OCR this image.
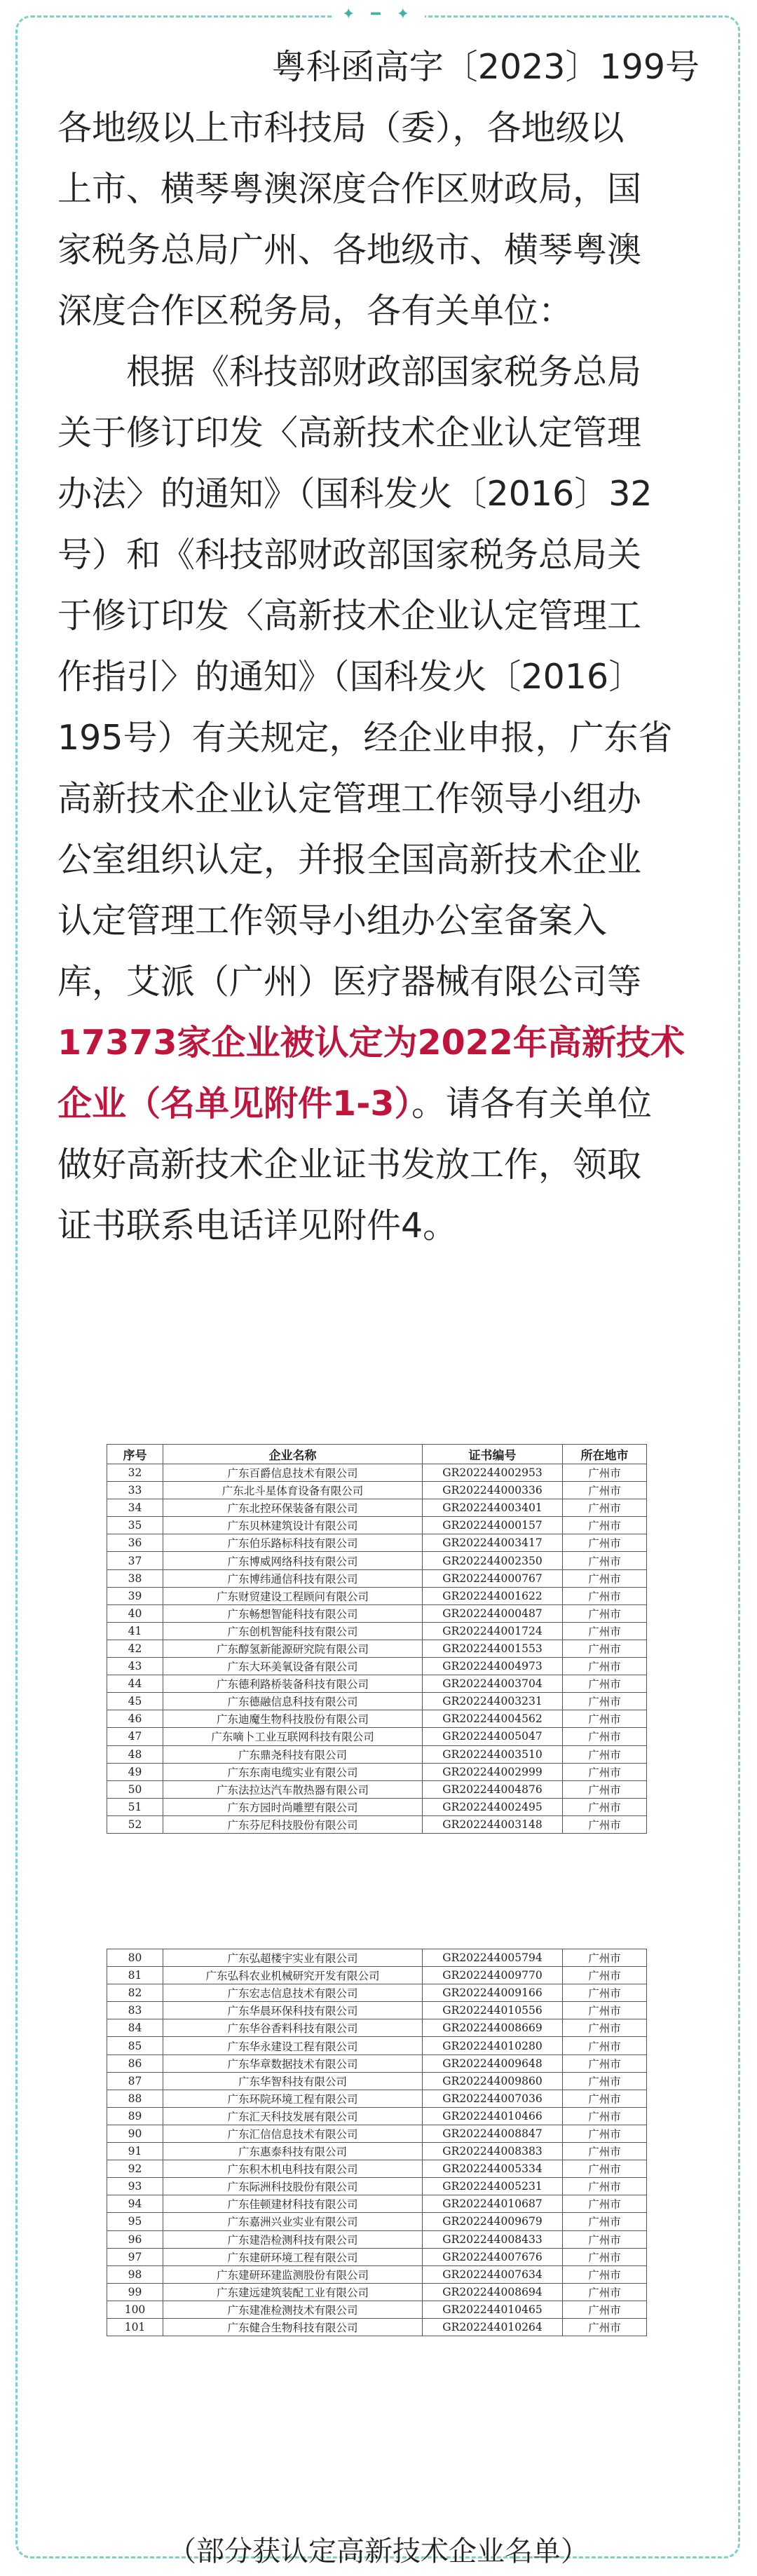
✦ ━ ✦
粤科函高字〔2023〕199号
各地级以上市科技局（委），各地级以
上市、横琴粤澳深度合作区财政局，国
家税务总局广州、各地级市、横琴粤澳
深度合作区税务局，各有关单位：
根据《科技部财政部国家税务总局
关于修订印发〈高新技术企业认定管理
办法〉的通知》（国科发火〔2016〕32
号）和《科技部财政部国家税务总局关
于修订印发〈高新技术企业认定管理工
作指引〉的通知》（国科发火〔2016〕
195号）有关规定，经企业申报，广东省
高新技术企业认定管理工作领导小组办
公室组织认定，并报全国高新技术企业
认定管理工作领导小组办公室备案入
库，艾派（广州）医疗器械有限公司等
17373家企业被认定为2022年高新技术
企业（名单见附件1-3）。请各有关单位
做好高新技术企业证书发放工作，领取
证书联系电话详见附件4。
序号	企业名称	证书编号	所在地市
32	广东百爵信息技术有限公司	GR202244002953	广州市
33	广东北斗星体育设备有限公司	GR202244000336	广州市
34	广东北控环保装备有限公司	GR202244003401	广州市
35	广东贝林建筑设计有限公司	GR202244000157	广州市
36	广东伯乐路标科技有限公司	GR202244003417	广州市
37	广东博威网络科技有限公司	GR202244002350	广州市
38	广东博纬通信科技有限公司	GR202244000767	广州市
39	广东财贸建设工程顾问有限公司	GR202244001622	广州市
40	广东畅想智能科技有限公司	GR202244000487	广州市
41	广东创机智能科技有限公司	GR202244001724	广州市
42	广东醇氢新能源研究院有限公司	GR202244001553	广州市
43	广东大环美氧设备有限公司	GR202244004973	广州市
44	广东德利路桥装备科技有限公司	GR202244003704	广州市
45	广东德融信息科技有限公司	GR202244003231	广州市
46	广东迪魔生物科技股份有限公司	GR202244004562	广州市
47	广东嘀卜工业互联网科技有限公司	GR202244005047	广州市
48	广东鼎尧科技有限公司	GR202244003510	广州市
49	广东东南电缆实业有限公司	GR202244002999	广州市
50	广东法拉达汽车散热器有限公司	GR202244004876	广州市
51	广东方园时尚雕塑有限公司	GR202244002495	广州市
52	广东芬尼科技股份有限公司	GR202244003148	广州市
80	广东弘超楼宇实业有限公司	GR202244005794	广州市
81	广东弘科农业机械研究开发有限公司	GR202244009770	广州市
82	广东宏志信息技术有限公司	GR202244009166	广州市
83	广东华晨环保科技有限公司	GR202244010556	广州市
84	广东华谷香料科技有限公司	GR202244008669	广州市
85	广东华永建设工程有限公司	GR202244010280	广州市
86	广东华章数据技术有限公司	GR202244009648	广州市
87	广东华智科技有限公司	GR202244009860	广州市
88	广东环院环境工程有限公司	GR202244007036	广州市
89	广东汇天科技发展有限公司	GR202244010466	广州市
90	广东汇信信息技术有限公司	GR202244008847	广州市
91	广东惠泰科技有限公司	GR202244008383	广州市
92	广东积木机电科技有限公司	GR202244005334	广州市
93	广东际洲科技股份有限公司	GR202244005231	广州市
94	广东佳顿建材科技有限公司	GR202244010687	广州市
95	广东嘉洲兴业实业有限公司	GR202244009679	广州市
96	广东建浩检测科技有限公司	GR202244008433	广州市
97	广东建研环境工程有限公司	GR202244007676	广州市
98	广东建研环建监测股份有限公司	GR202244007634	广州市
99	广东建远建筑装配工业有限公司	GR202244008694	广州市
100	广东建准检测技术有限公司	GR202244010465	广州市
101	广东健合生物科技有限公司	GR202244010264	广州市
（部分获认定高新技术企业名单）
